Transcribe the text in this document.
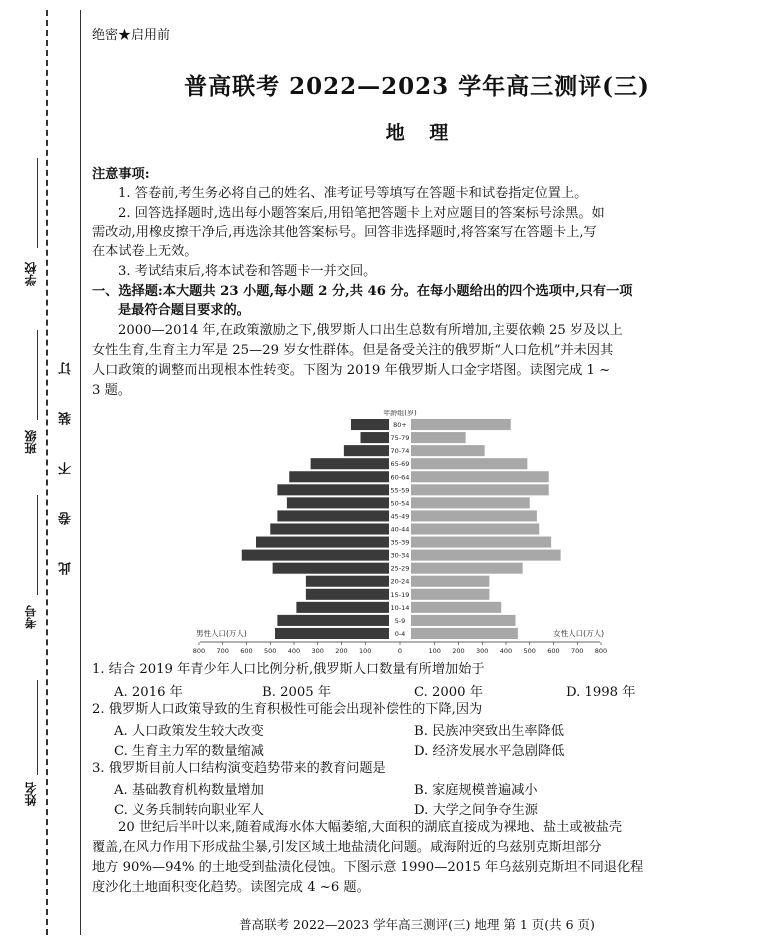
学校
班级
考号
姓名
订
装
不
卷
此
绝密★启用前
普高联考 2022—2023 学年高三测评(三)
地 理
注意事项:
1. 答卷前,考生务必将自己的姓名、准考证号等填写在答题卡和试卷指定位置上。
2. 回答选择题时,选出每小题答案后,用铅笔把答题卡上对应题目的答案标号涂黑。如
需改动,用橡皮擦干净后,再选涂其他答案标号。回答非选择题时,将答案写在答题卡上,写
在本试卷上无效。
3. 考试结束后,将本试卷和答题卡一并交回。
一、选择题:本大题共 23 小题,每小题 2 分,共 46 分。在每小题给出的四个选项中,只有一项
是最符合题目要求的。
2000—2014 年,在政策激励之下,俄罗斯人口出生总数有所增加,主要依赖 25 岁及以上
女性生育,生育主力军是 25—29 岁女性群体。但是备受关注的俄罗斯“人口危机”并未因其
人口政策的调整而出现根本性转变。下图为 2019 年俄罗斯人口金字塔图。读图完成 1 ~
3 题。
0-4
5-9
10-14
15-19
20-24
25-29
30-34
35-39
40-44
45-49
50-54
55-59
60-64
65-69
70-74
75-79
80+
年龄组(岁)
800 700 600 500 400 300 200 100	0	100 200 300 400 500 600 700 800
男性人口(万人)	女性人口(万人)
1. 结合 2019 年青少年人口比例分析,俄罗斯人口数量有所增加始于
A. 2016 年	B. 2005 年	C. 2000 年	D. 1998 年
2. 俄罗斯人口政策导致的生育积极性可能会出现补偿性的下降,因为
A. 人口政策发生较大改变	B. 民族冲突致出生率降低
C. 生育主力军的数量缩减	D. 经济发展水平急剧降低
3. 俄罗斯目前人口结构演变趋势带来的教育问题是
A. 基础教育机构数量增加	B. 家庭规模普遍减小
C. 义务兵制转向职业军人	D. 大学之间争夺生源
20 世纪后半叶以来,随着咸海水体大幅萎缩,大面积的湖底直接成为裸地、盐土或被盐壳
覆盖,在风力作用下形成盐尘暴,引发区域土地盐渍化问题。咸海附近的乌兹别克斯坦部分
地方 90%—94% 的土地受到盐渍化侵蚀。下图示意 1990—2015 年乌兹别克斯坦不同退化程
度沙化土地面积变化趋势。读图完成 4 ~6 题。
普高联考 2022—2023 学年高三测评(三) 地理 第 1 页(共 6 页)
